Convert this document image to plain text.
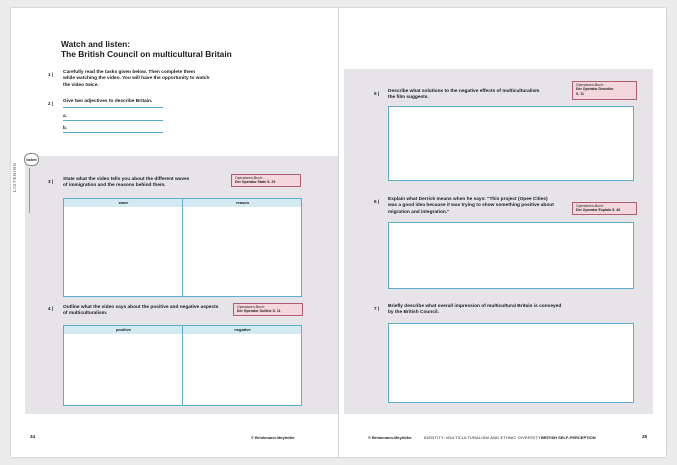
Watch and listen:
The British Council on multicultural Britain
ticket
LISTENING
1 | Carefully read the tasks given below. Then complete them
while watching the video. You will have the opportunity to watch
the video twice.
2 | Give two adjectives to describe Britain.
a.
b.
3 | State what the video tells you about the different waves
of immigration and the reasons behind them.
Operatoren-Buch:
Der Operator State S. 29
wave	reason
4 | Outline what the video says about the positive and negative aspects
of multiculturalism.
Operatoren-Buch:
Der Operator Outline S. 11
positive	negative
5 | Describe what solutions to the negative effects of multiculturalism
the film suggests.
Operatoren-Buch:
Der Operator Describe
S. 11
6 | Explain what Derrick means when he says: "This project (Opee Cities)
was a good idea because it was trying to show something positive about
migration and integration."
Operatoren-Buch:
Der Operator Explain S. 40
7 | Briefly describe what overall impression of multicultural Britain is conveyed
by the British Council.
24	© Brinkmann.Meyhöfer	© Brinkmann.Meyhöfer	IDENTITY: MULTICULTURALISM AND ETHNIC DIVERSITY BRITISH SELF-PERCEPTION	25
